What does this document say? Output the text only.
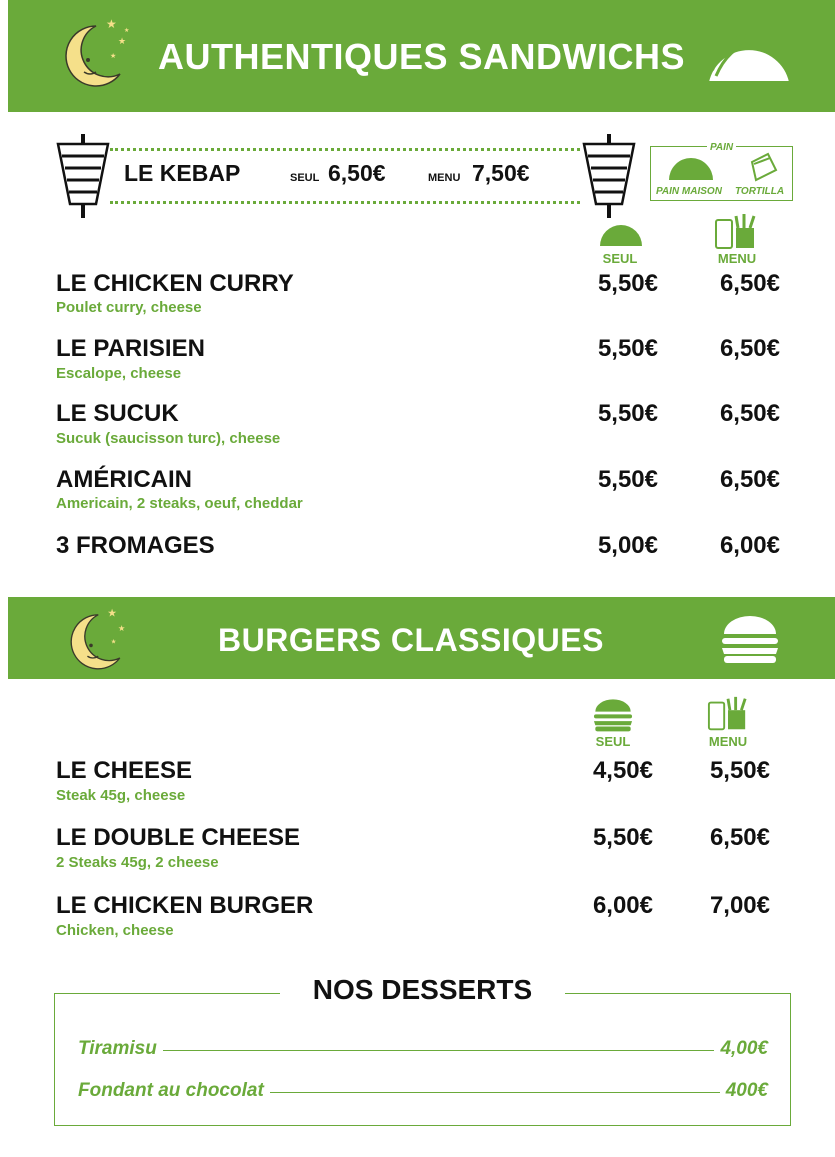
AUTHENTIQUES SANDWICHS
★
★
★
★
LE KEBAP	SEUL 6,50€	MENU 7,50€
PAIN
PAIN MAISON TORTILLA
SEUL	MENU
LE CHICKEN CURRY
Poulet curry, cheese
5,50€	6,50€
LE PARISIEN
Escalope, cheese
5,50€	6,50€
LE SUCUK
Sucuk (saucisson turc), cheese
5,50€	6,50€
AMÉRICAIN
Americain, 2 steaks, oeuf, cheddar
5,50€	6,50€
3 FROMAGES	5,00€	6,00€
BURGERS CLASSIQUES
★
★
★
SEUL	MENU
LE CHEESE
Steak 45g, cheese
4,50€	5,50€
LE DOUBLE CHEESE
2 Steaks 45g, 2 cheese
5,50€	6,50€
LE CHICKEN BURGER
Chicken, cheese
6,00€	7,00€
NOS DESSERTS
Tiramisu	4,00€
Fondant au chocolat	400€
